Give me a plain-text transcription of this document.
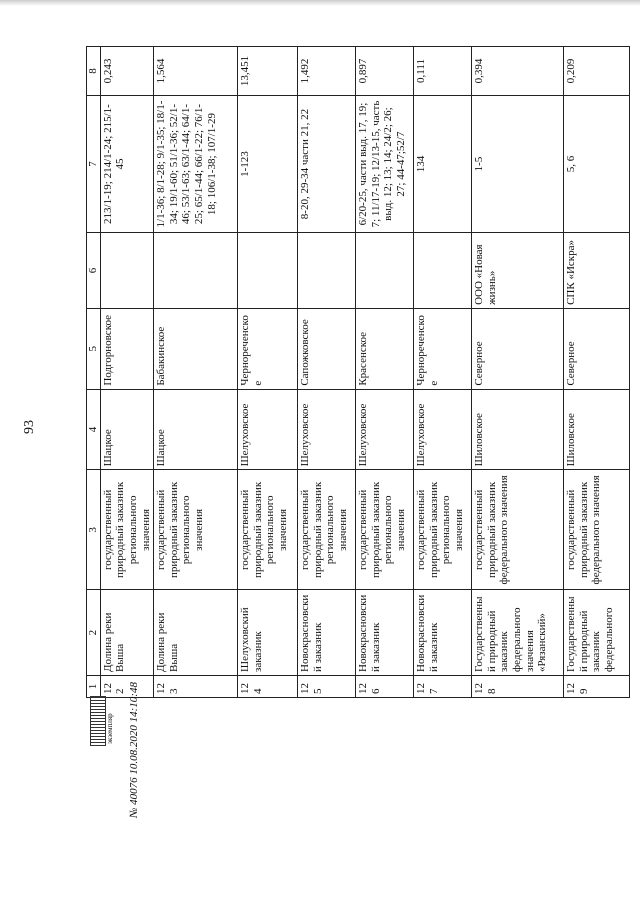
93
1	2	3	4	5	6	7	8
122	Долина реки Выша	государственный природный заказник регионального значения	Шацкое	Подгорновское		213/1-19; 214/1-24; 215/1-45	0,243
123	Долина реки Выша	государственный природный заказник регионального значения	Шацкое	Бабакинское		1/1-36; 8/1-28; 9/1-35; 18/1-34; 19/1-60; 51/1-36; 52/1-46; 53/1-63; 63/1-44; 64/1-25; 65/1-44; 66/1-22; 76/1-18; 106/1-38; 107/1-29	1,564
124	Шелуховский заказник	государственный природный заказник регионального значения	Шелуховское	Чернореченское		1-123	13,451
125	Новокрасновский заказник	государственный природный заказник регионального значения	Шелуховское	Сапожковское		8-20, 29-34 части 21, 22	1,492
126	Новокрасновский заказник	государственный природный заказник регионального значения	Шелуховское	Красенское		6/20-25, части выд. 17, 19; 7; 11/17-19; 12/13-15, часть выд. 12; 13; 14; 24/2; 26; 27; 44-47;52/7	0,897
127	Новокрасновский заказник	государственный природный заказник регионального значения	Шелуховское	Чернореченское		134	0,111
128	Государственный природный заказник федерального значения «Рязанский»	государственный природный заказник федерального значения	Шиловское	Северное	ООО «Новая жизнь»	1-5	0,394
129	Государственный природный заказник федерального	государственный природный заказник федерального значения	Шиловское	Северное	СПК «Искра»	5, 6	0,209
экземпляр	№ 40076 10.08.2020 14:10:48
